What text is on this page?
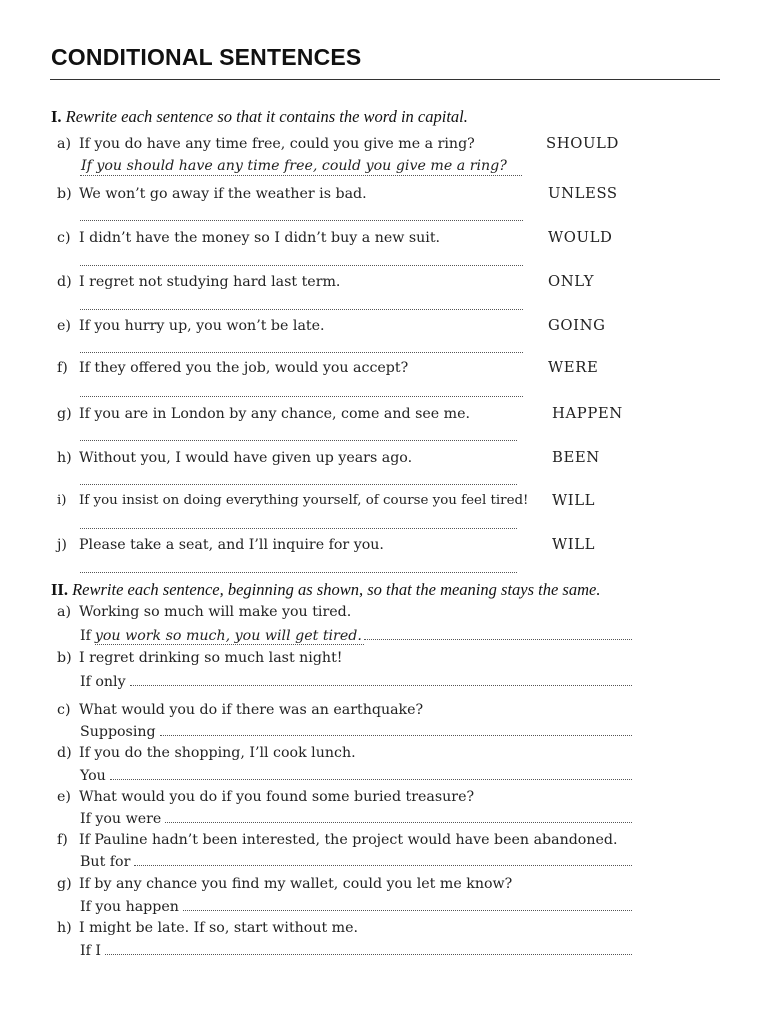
CONDITIONAL SENTENCES
I. Rewrite each sentence so that it contains the word in capital.
a) If you do have any time free, could you give me a ring?	SHOULD
If you should have any time free, could you give me a ring?
b) We won’t go away if the weather is bad.	UNLESS
c) I didn’t have the money so I didn’t buy a new suit.	WOULD
d) I regret not studying hard last term.	ONLY
e) If you hurry up, you won’t be late.	GOING
f) If they offered you the job, would you accept?	WERE
g) If you are in London by any chance, come and see me.	HAPPEN
h) Without you, I would have given up years ago.	BEEN
i) If you insist on doing everything yourself, of course you feel tired! WILL
j) Please take a seat, and I’ll inquire for you.	WILL
II. Rewrite each sentence, beginning as shown, so that the meaning stays the same.
a) Working so much will make you tired.
If you work so much, you will get tired.
b) I regret drinking so much last night!
If only
c) What would you do if there was an earthquake?
Supposing
d) If you do the shopping, I’ll cook lunch.
You
e) What would you do if you found some buried treasure?
If you were
f) If Pauline hadn’t been interested, the project would have been abandoned.
But for
g) If by any chance you find my wallet, could you let me know?
If you happen
h) I might be late. If so, start without me.
If I
